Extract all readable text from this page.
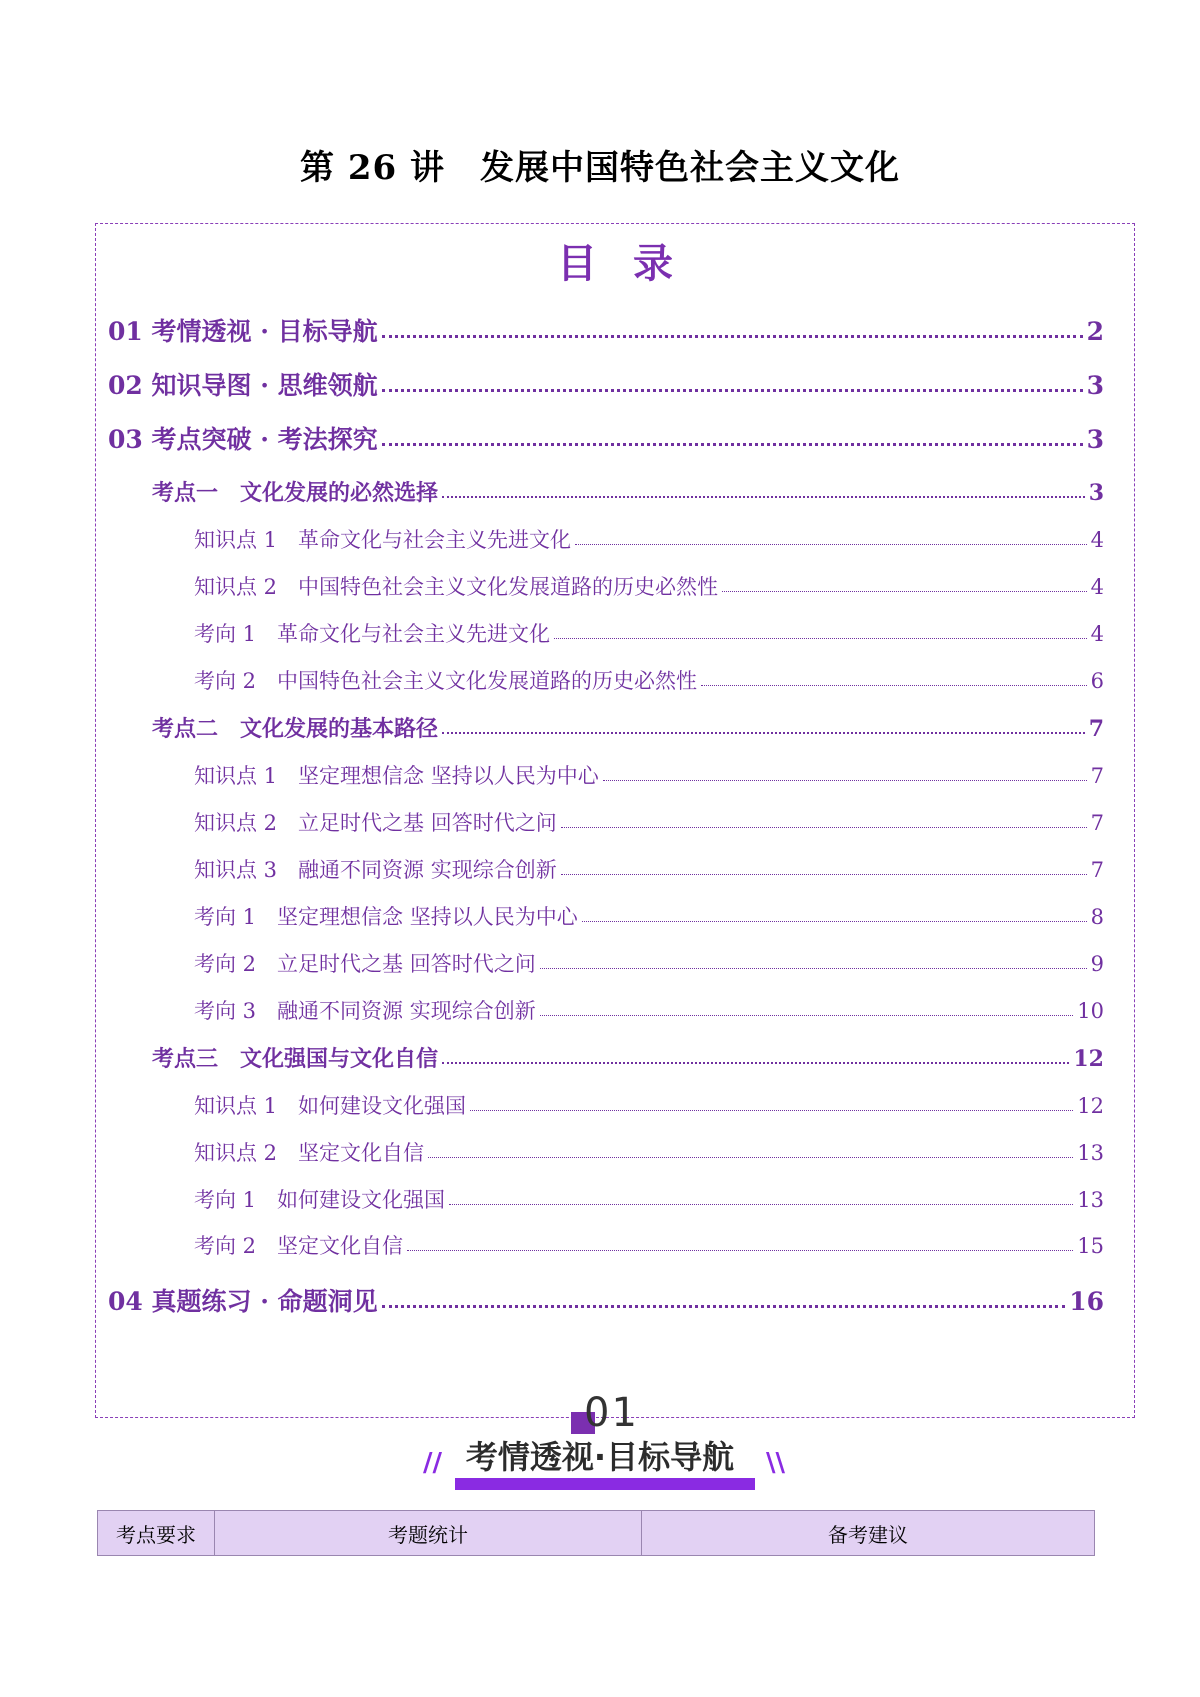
第 26 讲　发展中国特色社会主义文化
目录
01 考情透视 · 目标导航	2
02 知识导图 · 思维领航	3
03 考点突破 · 考法探究	3
考点一　文化发展的必然选择	3
知识点 1　革命文化与社会主义先进文化	4
知识点 2　中国特色社会主义文化发展道路的历史必然性	4
考向 1　革命文化与社会主义先进文化	4
考向 2　中国特色社会主义文化发展道路的历史必然性	6
考点二　文化发展的基本路径	7
知识点 1　坚定理想信念 坚持以人民为中心	7
知识点 2　立足时代之基 回答时代之问	7
知识点 3　融通不同资源 实现综合创新	7
考向 1　坚定理想信念 坚持以人民为中心	8
考向 2　立足时代之基 回答时代之问	9
考向 3　融通不同资源 实现综合创新	10
考点三　文化强国与文化自信	12
知识点 1　如何建设文化强国	12
知识点 2　坚定文化自信	13
考向 1　如何建设文化强国	13
考向 2　坚定文化自信	15
04 真题练习 · 命题洞见	16
01
//	\\
考情透视·目标导航
考点要求	考题统计	备考建议
